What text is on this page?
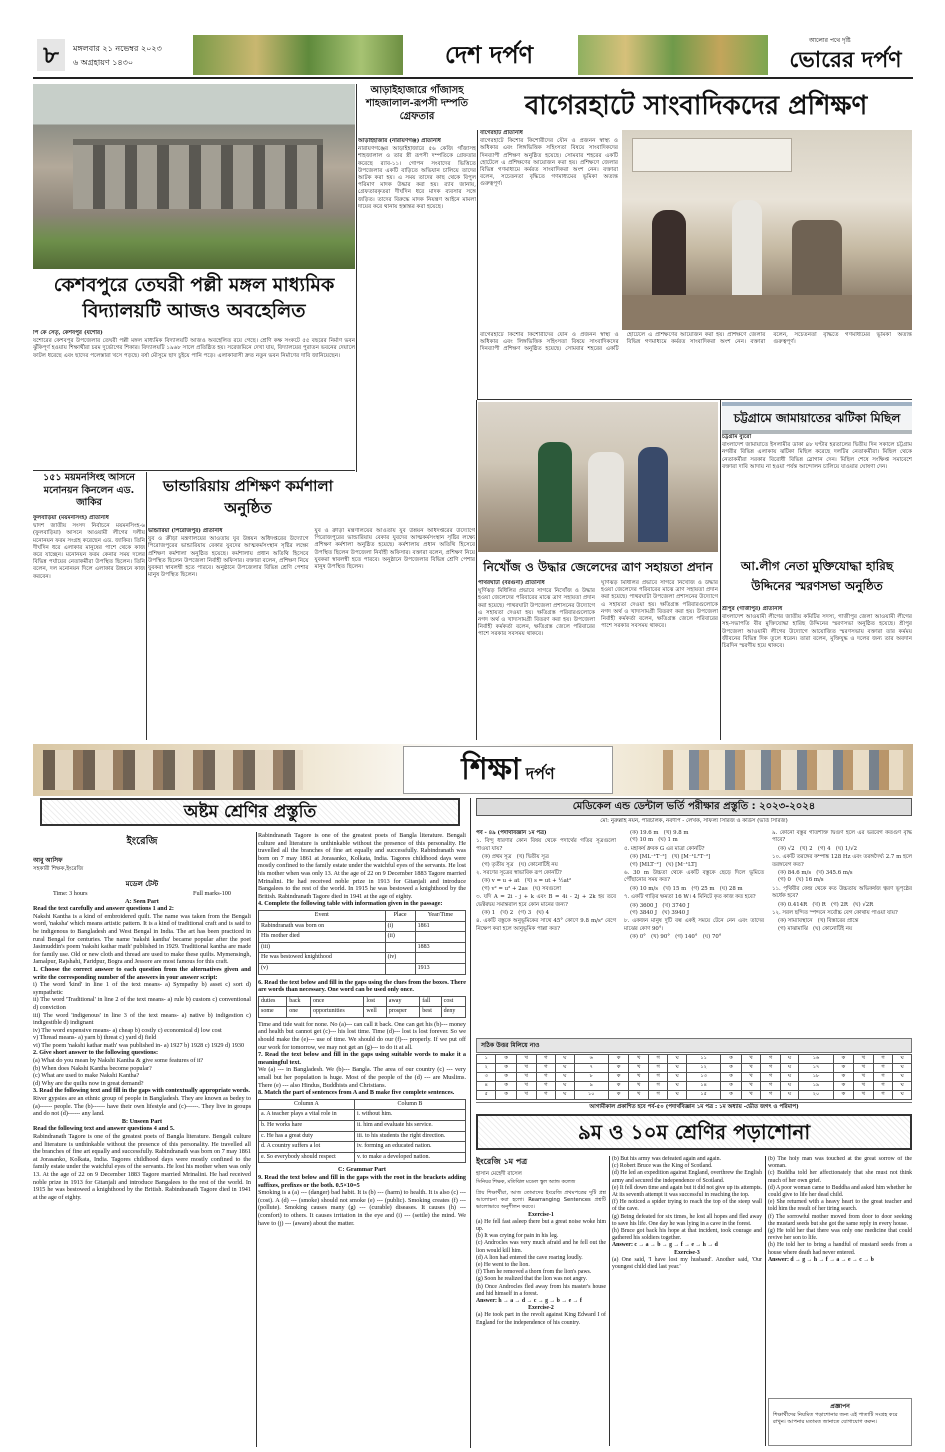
৮	মঙ্গলবার ২১ নভেম্বর ২০২৩
৬ অগ্রহায়ণ ১৪৩০	দেশ দর্পণ
আলোর পথে দৃষ্টি
ভোরের দর্পণ
কেশবপুরে তেঘরী পল্লী মঙ্গল মাধ্যমিক বিদ্যালয়টি আজও অবহেলিত

পি কে সেতৃ, কেশবপুর (যশোর)

যশোরের কেশবপুর উপজেলার তেঘরী পল্লী মঙ্গল মাধ্যমিক বিদ্যালয়টি আজও অবহেলিত রয়ে গেছে। শ্রেণি কক্ষ সংকটে ৫৫ বছরের নির্মাণ ভবন ঝুঁকিপূর্ণ হওয়ায় শিক্ষার্থীরা চরম দুর্ভোগের শিকার। বিদ্যালয়টি ১৯৬৮ সালে প্রতিষ্ঠিত হয়। সরেজমিনে দেখা যায়, বিদ্যালয়ের পুরাতন ভবনের দেয়ালে ফাটল ধরেছে এবং ছাদের পলেস্তারা খসে পড়ছে। বর্ষা মৌসুমে ছাদ চুইয়ে পানি পড়ে। এলাকাবাসী দ্রুত নতুন ভবন নির্মাণের দাবি জানিয়েছেন।

আড়াইহাজারে গাঁজাসহ শাহজালাল-রূপসী দম্পতি গ্রেফতার

আড়াইহাজার (নারায়ণগঞ্জ) প্রতিনিধি

নারায়ণগঞ্জের আড়াইহাজারে ৫৬ কেজি গাঁজাসহ শাহজালাল ও তার স্ত্রী রূপসী দম্পতিকে গ্রেফতার করেছে র‍্যাব-১১। গোপন সংবাদের ভিত্তিতে উপজেলার একটি বাড়িতে অভিযান চালিয়ে তাদের আটক করা হয়। এ সময় তাদের কাছ থেকে বিপুল পরিমাণ মাদক উদ্ধার করা হয়। র‍্যাব জানায়, গ্রেফতারকৃতরা দীর্ঘদিন ধরে মাদক ব্যবসার সঙ্গে জড়িত। তাদের বিরুদ্ধে মাদক নিয়ন্ত্রণ আইনে মামলা দায়ের করে থানায় হস্তান্তর করা হয়েছে।

বাগেরহাটে সাংবাদিকদের প্রশিক্ষণ

বাগেরহাট প্রতিনিধি

বাগেরহাটে কিশোর কিশোরীদের যৌন ও প্রজনন স্বাস্থ্য ও অধিকার এবং লিঙ্গভিত্তিক সহিংসতা বিষয়ে সাংবাদিকদের দিনব্যাপী প্রশিক্ষণ অনুষ্ঠিত হয়েছে। সোমবার শহরের একটি হোটেলে এ প্রশিক্ষণের আয়োজন করা হয়। প্রশিক্ষণে জেলার বিভিন্ন গণমাধ্যমে কর্মরত সাংবাদিকরা অংশ নেন। বক্তারা বলেন, সচেতনতা বৃদ্ধিতে গণমাধ্যমের ভূমিকা অত্যন্ত গুরুত্বপূর্ণ।

বাগেরহাটে কিশোর কিশোরীদের যৌন ও প্রজনন স্বাস্থ্য ও অধিকার এবং লিঙ্গভিত্তিক সহিংসতা বিষয়ে সাংবাদিকদের দিনব্যাপী প্রশিক্ষণ অনুষ্ঠিত হয়েছে। সোমবার শহরের একটি হোটেলে এ প্রশিক্ষণের আয়োজন করা হয়। প্রশিক্ষণে জেলার বিভিন্ন গণমাধ্যমে কর্মরত সাংবাদিকরা অংশ নেন। বক্তারা বলেন, সচেতনতা বৃদ্ধিতে গণমাধ্যমের ভূমিকা অত্যন্ত গুরুত্বপূর্ণ।

১৫১ ময়মনসিংহ আসনে মনোনয়ন কিনলেন এড. জাকির

ফুলবাড়িয়া (ময়মনসিংহ) প্রতিনিধি

দ্বাদশ জাতীয় সংসদ নির্বাচনে ময়মনসিংহ-৬ (ফুলবাড়িয়া) আসনে আওয়ামী লীগের দলীয় মনোনয়ন ফরম সংগ্রহ করেছেন এড. জাকির। তিনি দীর্ঘদিন ধরে এলাকার মানুষের পাশে থেকে কাজ করে যাচ্ছেন। মনোনয়ন ফরম কেনার সময় দলের বিভিন্ন পর্যায়ের নেতাকর্মীরা উপস্থিত ছিলেন। তিনি বলেন, দল মনোনয়ন দিলে এলাকার উন্নয়নে কাজ করবেন।

ভান্ডারিয়ায় প্রশিক্ষণ কর্মশালা অনুষ্ঠিত

ভান্ডারিয়া (পিরোজপুর) প্রতিনিধি

যুব ও ক্রীড়া মন্ত্রণালয়ের আওতায় যুব উন্নয়ন অধিদপ্তরের উদ্যোগে পিরোজপুরের ভান্ডারিয়ায় বেকার যুবদের আত্মকর্মসংস্থান সৃষ্টির লক্ষ্যে প্রশিক্ষণ কর্মশালা অনুষ্ঠিত হয়েছে। কর্মশালায় প্রধান অতিথি হিসেবে উপস্থিত ছিলেন উপজেলা নির্বাহী অফিসার। বক্তারা বলেন, প্রশিক্ষণ নিয়ে যুবকরা স্বাবলম্বী হতে পারবে। অনুষ্ঠানে উপজেলার বিভিন্ন শ্রেণি পেশার মানুষ উপস্থিত ছিলেন।

যুব ও ক্রীড়া মন্ত্রণালয়ের আওতায় যুব উন্নয়ন অধিদপ্তরের উদ্যোগে পিরোজপুরের ভান্ডারিয়ায় বেকার যুবদের আত্মকর্মসংস্থান সৃষ্টির লক্ষ্যে প্রশিক্ষণ কর্মশালা অনুষ্ঠিত হয়েছে। কর্মশালায় প্রধান অতিথি হিসেবে উপস্থিত ছিলেন উপজেলা নির্বাহী অফিসার। বক্তারা বলেন, প্রশিক্ষণ নিয়ে যুবকরা স্বাবলম্বী হতে পারবে। অনুষ্ঠানে উপজেলার বিভিন্ন শ্রেণি পেশার মানুষ উপস্থিত ছিলেন।	নিখোঁজ ও উদ্ধার জেলেদের ত্রাণ সহায়তা প্রদান

পাথরঘাটা (বরগুনা) প্রতিনিধি

ঘূর্ণিঝড় মিধিলির প্রভাবে সাগরে নিখোঁজ ও উদ্ধার হওয়া জেলেদের পরিবারের মাঝে ত্রাণ সহায়তা প্রদান করা হয়েছে। পাথরঘাটা উপজেলা প্রশাসনের উদ্যোগে এ সহায়তা দেওয়া হয়। ক্ষতিগ্রস্ত পরিবারগুলোকে নগদ অর্থ ও খাদ্যসামগ্রী বিতরণ করা হয়। উপজেলা নির্বাহী কর্মকর্তা বলেন, ক্ষতিগ্রস্ত জেলে পরিবারের পাশে সরকার সবসময় থাকবে।

ঘূর্ণিঝড় মিধিলির প্রভাবে সাগরে নিখোঁজ ও উদ্ধার হওয়া জেলেদের পরিবারের মাঝে ত্রাণ সহায়তা প্রদান করা হয়েছে। পাথরঘাটা উপজেলা প্রশাসনের উদ্যোগে এ সহায়তা দেওয়া হয়। ক্ষতিগ্রস্ত পরিবারগুলোকে নগদ অর্থ ও খাদ্যসামগ্রী বিতরণ করা হয়। উপজেলা নির্বাহী কর্মকর্তা বলেন, ক্ষতিগ্রস্ত জেলে পরিবারের পাশে সরকার সবসময় থাকবে।

চট্টগ্রামে জামায়াতের ঝটিকা মিছিল

চট্টগ্রাম ব্যুরো

বাংলাদেশ জামায়াতে ইসলামীর ডাকা ৪৮ ঘণ্টার হরতালের দ্বিতীয় দিন সকালে চট্টগ্রাম নগরীর বিভিন্ন এলাকায় ঝটিকা মিছিল করেছে দলটির নেতাকর্মীরা। মিছিল থেকে নেতাকর্মীরা সরকার বিরোধী বিভিন্ন স্লোগান দেন। মিছিল শেষে সংক্ষিপ্ত সমাবেশে বক্তারা দাবি আদায় না হওয়া পর্যন্ত আন্দোলন চালিয়ে যাওয়ার ঘোষণা দেন।

আ.লীগ নেতা মুক্তিযোদ্ধা হারিছ উদ্দিনের স্মরণসভা অনুষ্ঠিত

শ্রীপুর (গাজীপুর) প্রতিনিধি

বাংলাদেশ আওয়ামী লীগের জাতীয় কমিটির সদস্য, গাজীপুর জেলা আওয়ামী লীগের সহ-সভাপতি বীর মুক্তিযোদ্ধা হারিছ উদ্দিনের স্মরণসভা অনুষ্ঠিত হয়েছে। শ্রীপুর উপজেলা আওয়ামী লীগের উদ্যোগে আয়োজিত স্মরণসভায় বক্তারা তার কর্মময় জীবনের বিভিন্ন দিক তুলে ধরেন। তারা বলেন, মুক্তিযুদ্ধ ও দলের জন্য তার অবদান চিরদিন স্মরণীয় হয়ে থাকবে।

শিক্ষা দর্পণ
অষ্টম শ্রেণির প্রস্তুতি

ইংরেজি

আবু আসিফ

সহকারী শিক্ষক,ইংরেজি

মডেল টেস্ট

Time: 3 hours	Full marks-100

A: Seen Part

Read the text carefully and answer questions 1 and 2:

Nakshi Kantha is a kind of embroidered quilt. The name was taken from the Bengali word, 'naksha' which means artistic pattern. It is a kind of traditional craft and is said to be indigenous to Bangladesh and West Bengal in India. The art has been practiced in rural Bengal for centuries. The name 'nakshi kantha' became popular after the poet Jasimuddin's poem 'nakshi kathar math' published in 1929. Traditional kantha are made for family use. Old or new cloth and thread are used to make these quilts. Mymensingh, Jamalpur, Rajshahi, Faridpur, Bogra and Jessore are most famous for this craft.

1. Choose the correct answer to each question from the alternatives given and write the corresponding number of the answers in your answer script:

i) The word 'kind' in line 1 of the text means- a) Sympathy b) asset c) sort d) sympathetic

ii) The word 'Traditional' in line 2 of the text means- a) rule b) custom c) conventional d) conviction

iii) The word 'indigenous' in line 3 of the text means- a) native b) indigestion c) indigestible d) indignant

iv) The word expensive means- a) cheap b) costly c) economical d) low cost

v) Thread means- a) yarn b) threat c) yard d) field

vi) The poem 'nakshi kathar math' was published in- a) 1927 b) 1928 c) 1929 d) 1930

2. Give short answer to the following questions:

(a) What do you mean by Nakshi Kantha & give some features of it?

(b) When does Nakshi Kantha become popular?

(c) What are used to make Nakshi Kantha?

(d) Why are the quilts now in great demand?

3. Read the following text and fill in the gaps with contextually appropriate words.

River gypsies are an ethnic group of people in Bangladesh. They are known as bedey to (a)------ people. The (b)------ have their own lifestyle and (c)------. They live in groups and do not (d)------ any land.

B: Unseen Part

Read the following text and answer questions 4 and 5.

Rabindranath Tagore is one of the greatest poets of Bangla literature. Bengali culture and literature is unthinkable without the presence of this personality. He travelled all the branches of fine art equally and successfully. Rabindranath was born on 7 may 1861 at Jorasanko, Kolkata, India. Tagores childhood days were mostly confined to the family estate under the watchful eyes of the servants. He lost his mother when was only 13. At the age of 22 on 9 December 1883 Tagore married Mrinalini. He had received noble prize in 1913 for Gitanjali and introduce Bangalees to the rest of the world. In 1915 he was bestowed a knighthood by the British. Rabindranath Tagore died in 1941 at the age of eighty.

Rabindranath Tagore is one of the greatest poets of Bangla literature. Bengali culture and literature is unthinkable without the presence of this personality. He travelled all the branches of fine art equally and successfully. Rabindranath was born on 7 may 1861 at Jorasanko, Kolkata, India. Tagores childhood days were mostly confined to the family estate under the watchful eyes of the servants. He lost his mother when was only 13. At the age of 22 on 9 December 1883 Tagore married Mrinalini. He had received noble prize in 1913 for Gitanjali and introduce Bangalees to the rest of the world. In 1915 he was bestowed a knighthood by the British. Rabindranath Tagore died in 1941 at the age of eighty.

4. Complete the following table with information given in the passage:

Event	Place	Year/Time
Rabindranath was born on	(i)	1861
His mother died	(ii)	
(iii)		1883
He was bestowed knighthood	(iv)	
(v)		1913

6. Read the text below and fill in the gaps using the clues from the boxes. There are words than necessary. One word can be used only once.

duties	back	once	lost	away	fall	cost
some	one	opportunities	well	prosper	best	deny

Time and tide wait for none. No (a)--- can call it back. One can get his (b)--- money and health but cannot get (c)--- his lost time. Time (d)--- lost is lost forever. So we should make the (e)--- use of time. We should do our (f)--- properly. If we put off our work for tomorrow, we may not get an (g)--- to do it at all.

7. Read the text below and fill in the gaps using suitable words to make it a meaningful text.

We (a) --- in Bangladesh. We (b)--- Bangla. The area of our country (c) --- very small but her population is huge. Most of the people of the (d) --- are Muslims. There (e) --- also Hindus, Buddhists and Christians.

8. Match the part of sentences from A and B make five complete sentences.

Column A	Column B
a. A teacher plays a vital role in	i. without him.
b. He works hare	ii. him and evaluate his service.
c. He has a great duty	iii. to his students the right direction.
d. A country suffers a lot	iv. forming an educated nation.
e. So everybody should respect	v. to make a developed nation.

C: Grammar Part

9. Read the text below and fill in the gaps with the root in the brackets adding suffixes, prefixes or the both. 0.5×10=5

Smoking is a (a) --- (danger) bad habit. It is (b) --- (harm) to health. It is also (c) --- (cost). A (d) --- (smoke) should not smoke (e) --- (public). Smoking creates (f) --- (pollute). Smoking causes many (g) --- (curable) diseases. It causes (h) --- (comfort) to others. It causes irritation in the eye and (i) --- (settle) the mind. We have to (j) --- (aware) about the matter.

মেডিকেল এন্ড ডেন্টাল ভর্তি পরীক্ষার প্রস্তুতি : ২০২৩-২০২৪
মো: নুরুল্লাহ নয়ন, পরিচালক, নবদীপ - লেখক, সাফল্য সিরিজ ও কার্ডস (ভর্তি সিরিজ)

পর্ব - ৪৯ (পদার্থবিজ্ঞান ১ম পত্র)

১. বিন্দু ধারণার কোন বিষয় থেকে পদার্থের গতির সূত্রগুলো পাওয়া যায়?

(ক) প্রথম সূত্র   (খ) দ্বিতীয় সূত্র
(গ) তৃতীয় সূত্র   (ঘ) কোনোটিই নয়

২. সরণের সূত্রের স্বাভাবিক রূপ কোনটি?

(ক) v = u + at   (খ) s = ut + ½at²
(গ) v² = u² + 2as   (ঘ) সবগুলো

৩. যদি A = 2i - j + k এবং B = 4i - 2j + 2k হয় তবে ভেক্টরদ্বয় সমান্তরাল হবে কোন মানের জন্য?

(ক) 1   (খ) 2   (গ) 3   (ঘ) 4

৪. একটি বস্তুকে অনুভূমিকের সাথে 45° কোণে 9.8 m/s² বেগে নিক্ষেপ করা হলে আনুভূমিক পাল্লা কত?

(ক) 19.6 m   (খ) 9.8 m
(গ) 10 m   (ঘ) 1 m

৫. মহাকর্ষ ধ্রুবক G এর মাত্রা কোনটি?

(ক) [ML⁻¹T⁻²]   (খ) [M⁻¹L³T⁻²]
(গ) [MLT⁻²]   (ঘ) [M⁻¹LT]

৬. 30 m উচ্চতা থেকে একটি বস্তুকে ছেড়ে দিলে ভূমিতে পৌঁছানোর সময় কত?

(ক) 10 m/s   (খ) 15 m   (গ) 25 m   (ঘ) 28 m

৭. একটি গাড়ির ক্ষমতা 16 W। 4 মিনিটে কৃত কাজ কত হবে?

(ক) 3600 J   (খ) 3740 J
(গ) 3840 J   (ঘ) 3940 J

৮. একজন মানুষ দুটি বল্ব একই সময়ে টেনে নেন এবং তাদের মাঝের কোণ 90°।

(ক) 0°   (খ) 90°   (গ) 140°   (ঘ) 70°

৯. কোনো বস্তুর গতিশক্তি দ্বিগুণ হলে এর ভরবেগ কতগুণ বৃদ্ধি পাবে?

(ক) √2   (খ) 2   (গ) 4   (ঘ) 1/√2

১০. একটি তরঙ্গের কম্পাঙ্ক 128 Hz এবং তরঙ্গদৈর্ঘ্য 2.7 m হলে তরঙ্গবেগ কত?

(ক) 84.6 m/s   (খ) 345.6 m/s
(গ) 0   (ঘ) 16 m/s

১১. পৃথিবীর কেন্দ্র থেকে কত উচ্চতায় অভিকর্ষজ ত্বরণ ভূপৃষ্ঠের অর্ধেক হবে?

(ক) 0.414R   (খ) R   (গ) 2R   (ঘ) √2R

১২. সরল ছন্দিত স্পন্দনে সর্বোচ্চ বেগ কোথায় পাওয়া যায়?

(ক) সাম্যাবস্থানে   (খ) বিস্তারের প্রান্তে
(গ) মাঝামাঝি   (ঘ) কোনোটিই নয়

সঠিক উত্তর মিলিয়ে নাও
১	ক	খ	গ	ঘ	৬	ক	খ	গ	ঘ	১১	ক	খ	গ	ঘ	১৬	ক	খ	গ	ঘ
২	ক	খ	গ	ঘ	৭	ক	খ	গ	ঘ	১২	ক	খ	গ	ঘ	১৭	ক	খ	গ	ঘ
৩	ক	খ	গ	ঘ	৮	ক	খ	গ	ঘ	১৩	ক	খ	গ	ঘ	১৮	ক	খ	গ	ঘ
৪	ক	খ	গ	ঘ	৯	ক	খ	গ	ঘ	১৪	ক	খ	গ	ঘ	১৯	ক	খ	গ	ঘ
৫	ক	খ	গ	ঘ	১০	ক	খ	গ	ঘ	১৫	ক	খ	গ	ঘ	২০	ক	খ	গ	ঘ
আগামীকাল প্রকাশিত হবে পর্ব-৫০ (পদার্থবিজ্ঞান ১ম পত্র : ১ম অধ্যায় -ভৌত জগৎ ও পরিমাপ)
৯ম ও ১০ম শ্রেণির পড়াশোনা

ইংরেজি ১ম পত্র

হাসান মেহেদী রাসেল

সিনিয়র শিক্ষক, মতিঝিল মডেল স্কুল অ্যান্ড কলেজ

প্রিয় শিক্ষার্থীরা, আজ তোমাদের ইংরেজি প্রথমপত্রের দুটি প্রশ্ন আলোচনা করা হলো। Rearranging Sentences প্রশ্নটি ভালোভাবে অনুশীলন করবে।

Exercise-1

(a) He fell fast asleep there but a great noise woke him up.

(b) It was crying for pain in his leg.

(c) Androcles was very much afraid and he fell out the lion would kill him.

(d) A lion had entered the cave roaring loudly.

(e) He went to the lion.

(f) Then he removed a thorn from the lion's paws.

(g) Soon he realized that the lion was not angry.

(h) Once Androcles fled away from his master's house and hid himself in a forest.

Answer: h → a → d → c → g → b → e → f

Exercise-2

(a) He took part in the revolt against King Edward I of England for the independence of his country.

(b) But his army was defeated again and again.

(c) Robert Bruce was the King of Scotland.

(d) He led an expedition against England, overthrew the English army and secured the independence of Scotland.

(e) It fell down time and again but it did not give up its attempts. At its seventh attempt it was successful in reaching the top.

(f) He noticed a spider trying to reach the top of the steep wall of the cave.

(g) Being defeated for six times, he lost all hopes and fled away to save his life. One day he was lying in a cave in the forest.

(h) Bruce got back his hope at that incident, took courage and gathered his soldiers together.

Answer: c → a → b → g → f → e → h → d

Exercise-3

(a) One said, 'I have lost my husband'. Another said, 'Our youngest child died last year.'

(b) The holy man was touched at the great sorrow of the woman.

(c) Buddha told her affectionately that she must not think much of her own grief.

(d) A poor woman came to Buddha and asked him whether he could give to life her dead child.

(e) She returned with a heavy heart to the great teacher and told him the result of her tiring search.

(f) The sorrowful mother moved from door to door seeking the mustard seeds but she got the same reply in every house.

(g) He told her that there was only one medicine that could revive her son to life.

(h) He told her to bring a handful of mustard seeds from a house where death had never entered.

Answer: d → g → h → f → a → e → c → b

প্রজ্ঞাপন

শিক্ষার্থীদের নিয়মিত পড়াশোনার জন্য এই পাতাটি সংগ্রহ করে রাখুন। আপনার মতামত জানাতে যোগাযোগ করুন।
